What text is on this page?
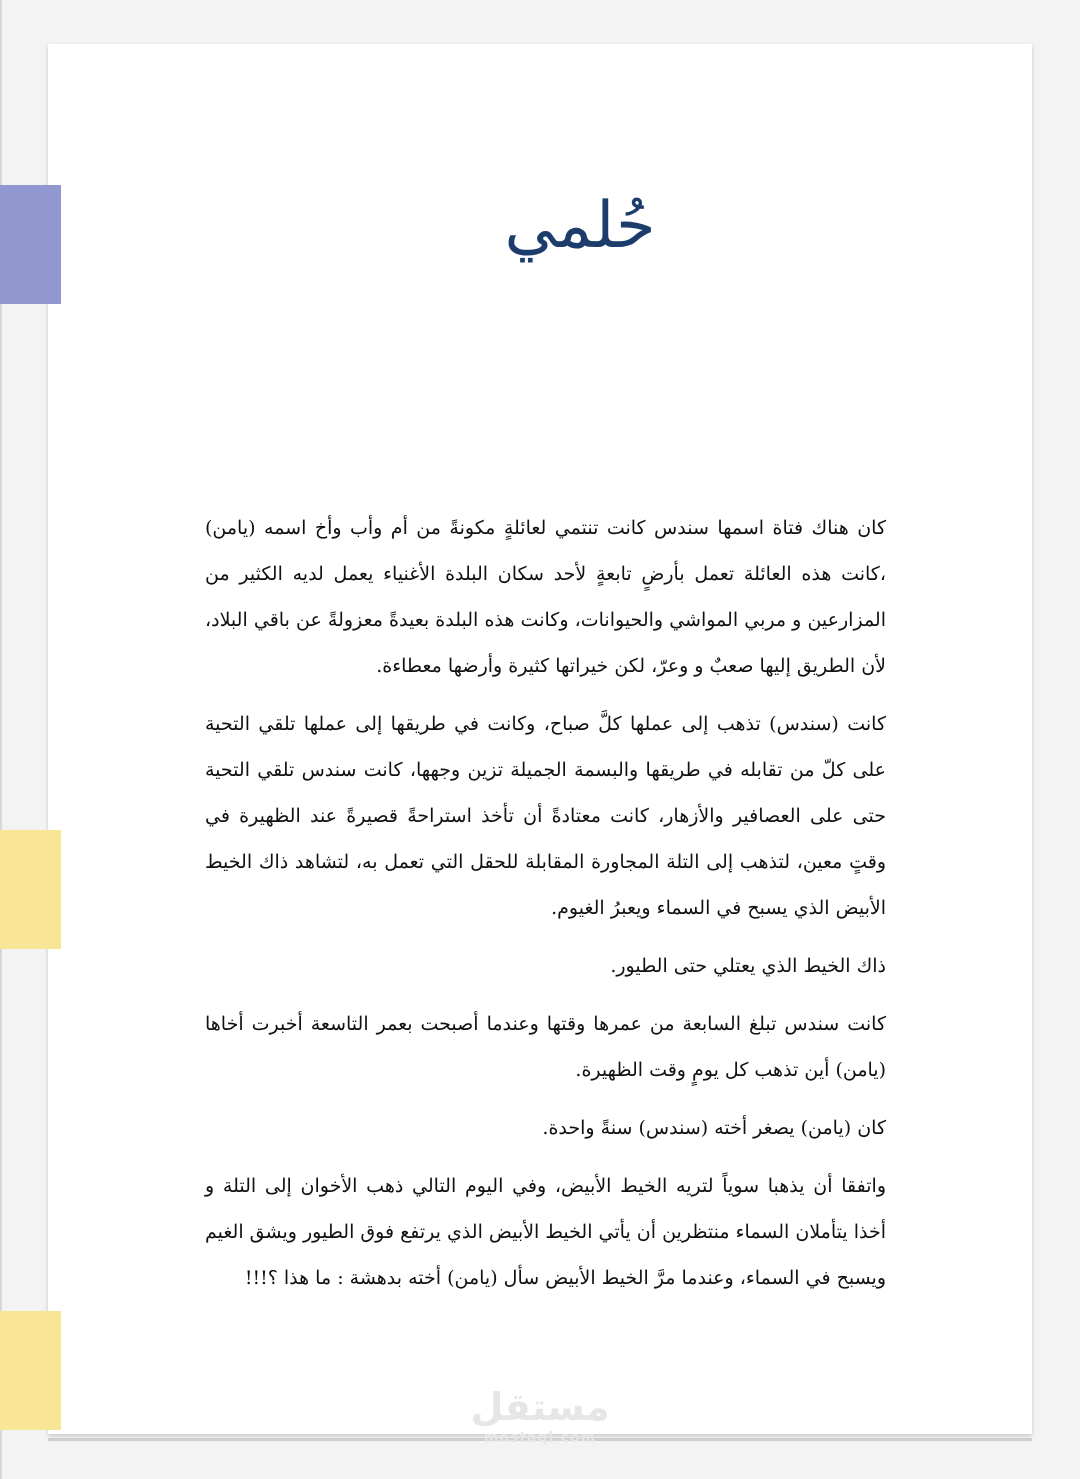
حُلمي

كان هناك فتاة اسمها سندس كانت تنتمي لعائلةٍ مكونةً من أم وأب وأخ اسمه (يامن) ،كانت هذه العائلة تعمل بأرضٍ تابعةٍ لأحد سكان البلدة الأغنياء يعمل لديه الكثير من المزارعين و مربي المواشي والحيوانات، وكانت هذه البلدة بعيدةً معزولةً عن باقي البلاد، لأن الطريق إليها صعبٌ و وعرّ، لكن خيراتها كثيرة وأرضها معطاءة.

كانت (سندس) تذهب إلى عملها كلَّ صباح، وكانت في طريقها إلى عملها تلقي التحية على كلّ من تقابله في طريقها والبسمة الجميلة تزين وجهها، كانت سندس تلقي التحية حتى على العصافير والأزهار، كانت معتادةً أن تأخذ استراحةً قصيرةً عند الظهيرة في وقتٍ معين، لتذهب إلى التلة المجاورة المقابلة للحقل التي تعمل به، لتشاهد ذاك الخيط الأبيض الذي يسبح في السماء ويعبرُ الغيوم.

ذاك الخيط الذي يعتلي حتى الطيور.

كانت سندس تبلغ السابعة من عمرها وقتها وعندما أصبحت بعمر التاسعة أخبرت أخاها (يامن) أين تذهب كل يومٍ وقت الظهيرة.

كان (يامن) يصغر أخته (سندس) سنةً واحدة.

واتفقا أن يذهبا سوياً لتريه الخيط الأبيض، وفي اليوم التالي ذهب الأخوان إلى التلة و أخذا يتأملان السماء منتظرين أن يأتي الخيط الأبيض الذي يرتفع فوق الطيور ويشق الغيم ويسبح في السماء، وعندما مرَّ الخيط الأبيض سأل (يامن) أخته بدهشة : ما هذا ؟!!!

مستقل
mostaql.com
